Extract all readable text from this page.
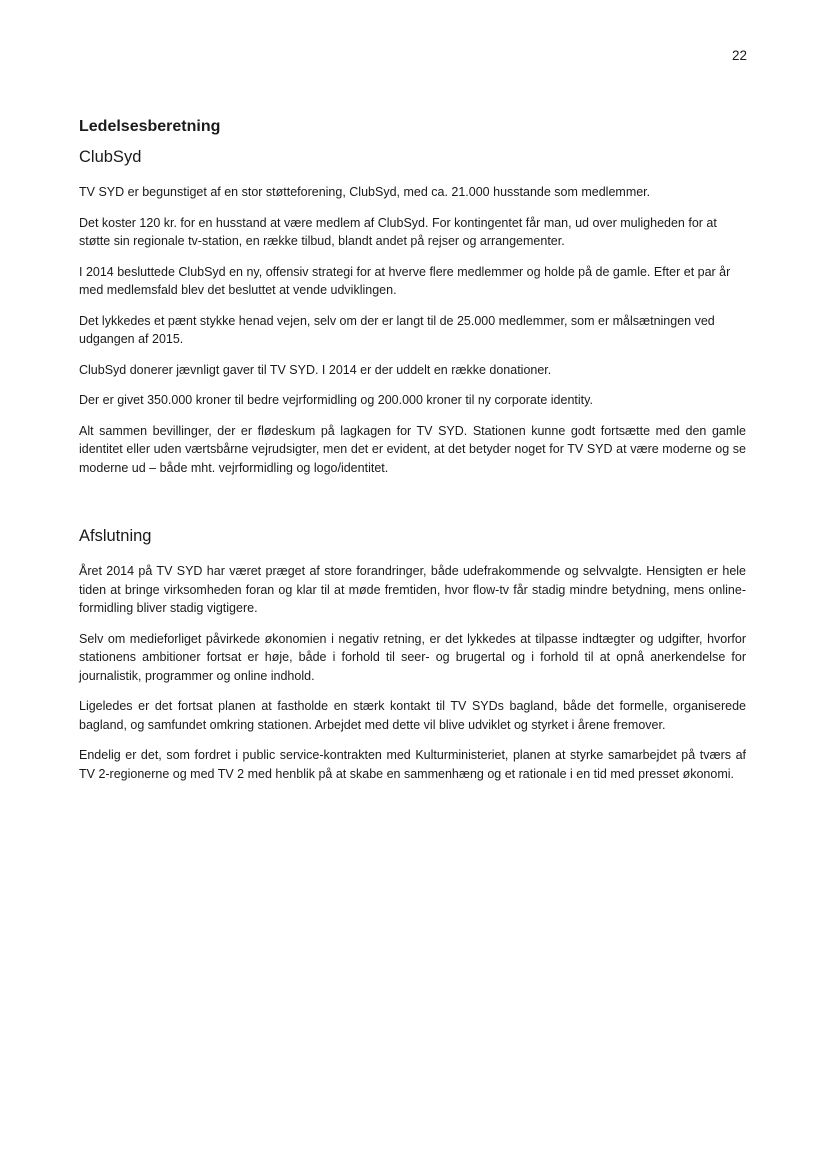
22

Ledelsesberetning
ClubSyd

TV SYD er begunstiget af en stor støtteforening, ClubSyd, med ca. 21.000 husstande som medlemmer.

Det koster 120 kr. for en husstand at være medlem af ClubSyd. For kontingentet får man, ud over muligheden for at støtte sin regionale tv-station, en række tilbud, blandt andet på rejser og arrangementer.

I 2014 besluttede ClubSyd en ny, offensiv strategi for at hverve flere medlemmer og holde på de gamle. Efter et par år med medlemsfald blev det besluttet at vende udviklingen.

Det lykkedes et pænt stykke henad vejen, selv om der er langt til de 25.000 medlemmer, som er målsætningen ved udgangen af 2015.

ClubSyd donerer jævnligt gaver til TV SYD. I 2014 er der uddelt en række donationer.

Der er givet 350.000 kroner til bedre vejrformidling og 200.000 kroner til ny corporate identity.

Alt sammen bevillinger, der er flødeskum på lagkagen for TV SYD. Stationen kunne godt fortsætte med den gamle identitet eller uden værtsbårne vejrudsigter, men det er evident, at det betyder noget for TV SYD at være moderne og se moderne ud – både mht. vejrformidling og logo/identitet.

Afslutning

Året 2014 på TV SYD har været præget af store forandringer, både udefrakommende og selvvalgte. Hensigten er hele tiden at bringe virksomheden foran og klar til at møde fremtiden, hvor flow-tv får stadig mindre betydning, mens online-formidling bliver stadig vigtigere.

Selv om medieforliget påvirkede økonomien i negativ retning, er det lykkedes at tilpasse indtægter og udgifter, hvorfor stationens ambitioner fortsat er høje, både i forhold til seer- og brugertal og i forhold til at opnå anerkendelse for journalistik, programmer og online indhold.

Ligeledes er det fortsat planen at fastholde en stærk kontakt til TV SYDs bagland, både det formelle, organiserede bagland, og samfundet omkring stationen. Arbejdet med dette vil blive udviklet og styrket i årene fremover.

Endelig er det, som fordret i public service-kontrakten med Kulturministeriet, planen at styrke samarbejdet på tværs af TV 2-regionerne og med TV 2 med henblik på at skabe en sammenhæng og et rationale i en tid med presset økonomi.
